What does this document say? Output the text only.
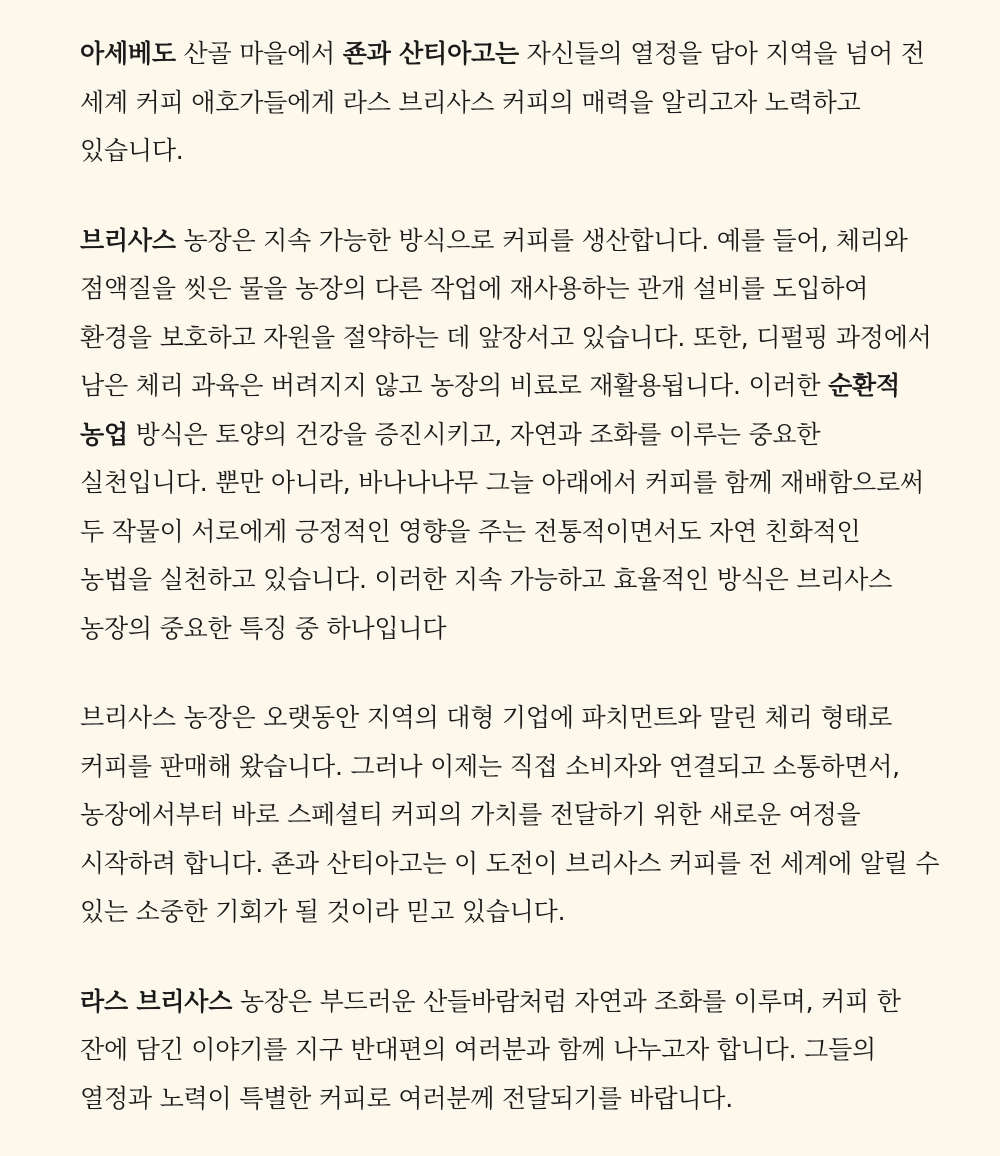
아세베도 산골 마을에서 죤과 산티아고는 자신들의 열정을 담아 지역을 넘어 전 세계 커피 애호가들에게 라스 브리사스 커피의 매력을 알리고자 노력하고 있습니다.

브리사스 농장은 지속 가능한 방식으로 커피를 생산합니다. 예를 들어, 체리와 점액질을 씻은 물을 농장의 다른 작업에 재사용하는 관개 설비를 도입하여 환경을 보호하고 자원을 절약하는 데 앞장서고 있습니다. 또한, 디펄핑 과정에서 남은 체리 과육은 버려지지 않고 농장의 비료로 재활용됩니다. 이러한 순환적 농업 방식은 토양의 건강을 증진시키고, 자연과 조화를 이루는 중요한 실천입니다. 뿐만 아니라, 바나나나무 그늘 아래에서 커피를 함께 재배함으로써 두 작물이 서로에게 긍정적인 영향을 주는 전통적이면서도 자연 친화적인 농법을 실천하고 있습니다. 이러한 지속 가능하고 효율적인 방식은 브리사스 농장의 중요한 특징 중 하나입니다

브리사스 농장은 오랫동안 지역의 대형 기업에 파치먼트와 말린 체리 형태로 커피를 판매해 왔습니다. 그러나 이제는 직접 소비자와 연결되고 소통하면서, 농장에서부터 바로 스페셜티 커피의 가치를 전달하기 위한 새로운 여정을 시작하려 합니다. 죤과 산티아고는 이 도전이 브리사스 커피를 전 세계에 알릴 수 있는 소중한 기회가 될 것이라 믿고 있습니다.

라스 브리사스 농장은 부드러운 산들바람처럼 자연과 조화를 이루며, 커피 한 잔에 담긴 이야기를 지구 반대편의 여러분과 함께 나누고자 합니다. 그들의 열정과 노력이 특별한 커피로 여러분께 전달되기를 바랍니다.
